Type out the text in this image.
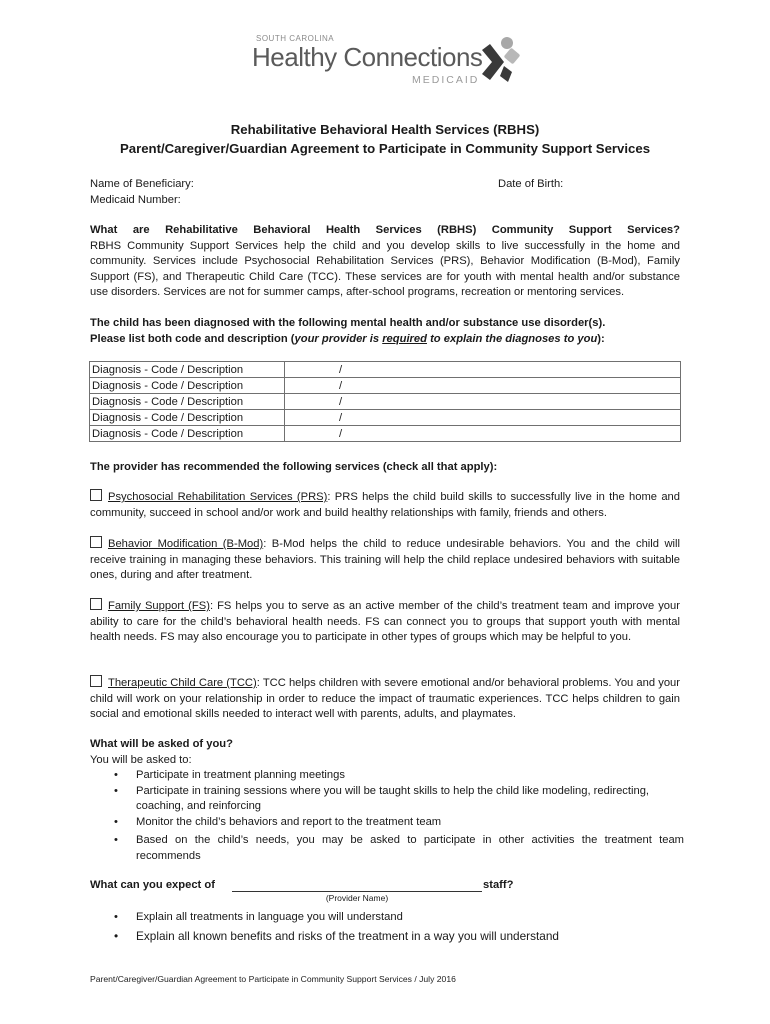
SOUTH CAROLINA
Healthy Connections
MEDICAID
Rehabilitative Behavioral Health Services (RBHS)
Parent/Caregiver/Guardian Agreement to Participate in Community Support Services
Name of Beneficiary:	Date of Birth:
Medicaid Number:
What are Rehabilitative Behavioral Health Services (RBHS) Community Support Services?
RBHS Community Support Services help the child and you develop skills to live successfully in the home and community. Services include Psychosocial Rehabilitation Services (PRS), Behavior Modification (B-Mod), Family Support (FS), and Therapeutic Child Care (TCC). These services are for youth with mental health and/or substance use disorders. Services are not for summer camps, after-school programs, recreation or mentoring services.
The child has been diagnosed with the following mental health and/or substance use disorder(s).
Please list both code and description (your provider is required to explain the diagnoses to you):
Diagnosis - Code / Description	/
Diagnosis - Code / Description	/
Diagnosis - Code / Description	/
Diagnosis - Code / Description	/
Diagnosis - Code / Description	/
The provider has recommended the following services (check all that apply):
Psychosocial Rehabilitation Services (PRS): PRS helps the child build skills to successfully live in the home and community, succeed in school and/or work and build healthy relationships with family, friends and others.
Behavior Modification (B-Mod): B-Mod helps the child to reduce undesirable behaviors. You and the child will receive training in managing these behaviors. This training will help the child replace undesired behaviors with suitable ones, during and after treatment.
Family Support (FS): FS helps you to serve as an active member of the child’s treatment team and improve your ability to care for the child’s behavioral health needs. FS can connect you to groups that support youth with mental health needs. FS may also encourage you to participate in other types of groups which may be helpful to you.
Therapeutic Child Care (TCC): TCC helps children with severe emotional and/or behavioral problems. You and your child will work on your relationship in order to reduce the impact of traumatic experiences. TCC helps children to gain social and emotional skills needed to interact well with parents, adults, and playmates.
What will be asked of you?
You will be asked to:
• Participate in treatment planning meetings
• Participate in training sessions where you will be taught skills to help the child like modeling, redirecting, coaching, and reinforcing
• Monitor the child’s behaviors and report to the treatment team
• Based on the child’s needs, you may be asked to participate in other activities the treatment team recommends
What can you expect of	staff?
(Provider Name)
• Explain all treatments in language you will understand
• Explain all known benefits and risks of the treatment in a way you will understand
Parent/Caregiver/Guardian Agreement to Participate in Community Support Services / July 2016
